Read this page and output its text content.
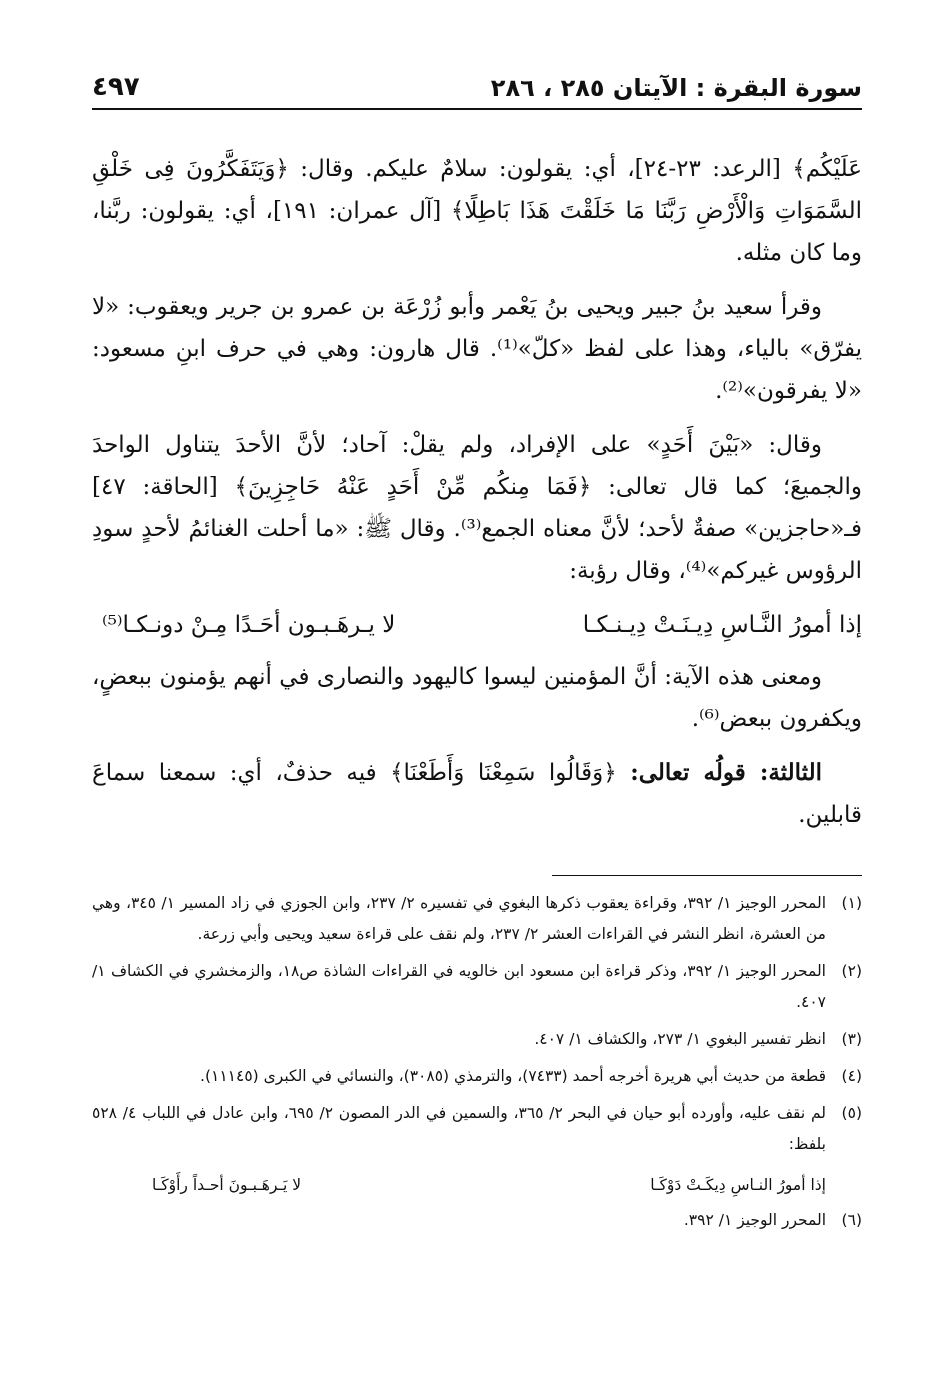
سورة البقرة : الآيتان ٢٨٥ ، ٢٨٦
٤٩٧

عَلَيْكُم﴾ [الرعد: ٢٣-٢٤]، أي: يقولون: سلامٌ عليكم. وقال: ﴿وَيَتَفَكَّرُونَ فِى خَلْقِ السَّمَوَاتِ وَالْأَرْضِ رَبَّنَا مَا خَلَقْتَ هَذَا بَاطِلًا﴾ [آل عمران: ١٩١]، أي: يقولون: ربَّنا، وما كان مثله.

وقرأ سعيد بنُ جبير ويحيى بنُ يَعْمر وأبو زُرْعَة بن عمرو بن جرير ويعقوب: «لا يفرّق» بالياء، وهذا على لفظ «كلّ»⁽¹⁾. قال هارون: وهي في حرف ابنِ مسعود: «لا يفرقون»⁽²⁾.

وقال: «بَيْنَ أَحَدٍ» على الإفراد، ولم يقلْ: آحاد؛ لأنَّ الأحدَ يتناول الواحدَ والجميعَ؛ كما قال تعالى: ﴿فَمَا مِنكُم مِّنْ أَحَدٍ عَنْهُ حَاجِزِينَ﴾ [الحاقة: ٤٧] فـ«حاجزين» صفةٌ لأحد؛ لأنَّ معناه الجمع⁽³⁾. وقال ﷺ: «ما أحلت الغنائمُ لأحدٍ سودِ الرؤوس غيركم»⁽⁴⁾، وقال رؤبة:

إذا أمورُ النَّـاسِ دِيـنَـتْ دِيـنـكـا
لا يـرهَـبـون أحَـدًا مِـنْ دونـكـا⁽⁵⁾

ومعنى هذه الآية: أنَّ المؤمنين ليسوا كاليهود والنصارى في أنهم يؤمنون ببعضٍ، ويكفرون ببعض⁽⁶⁾.

الثالثة: قولُه تعالى: ﴿وَقَالُوا سَمِعْنَا وَأَطَعْنَا﴾ فيه حذفٌ، أي: سمعنا سماعَ قابلين.

(١)
المحرر الوجيز ١/ ٣٩٢، وقراءة يعقوب ذكرها البغوي في تفسيره ٢/ ٢٣٧، وابن الجوزي في زاد المسير ١/ ٣٤٥، وهي من العشرة، انظر النشر في القراءات العشر ٢/ ٢٣٧، ولم نقف على قراءة سعيد ويحيى وأبي زرعة.
(٢)
المحرر الوجيز ١/ ٣٩٢، وذكر قراءة ابن مسعود ابن خالويه في القراءات الشاذة ص١٨، والزمخشري في الكشاف ١/ ٤٠٧.
(٣)
انظر تفسير البغوي ١/ ٢٧٣، والكشاف ١/ ٤٠٧.
(٤)
قطعة من حديث أبي هريرة أخرجه أحمد (٧٤٣٣)، والترمذي (٣٠٨٥)، والنسائي في الكبرى (١١١٤٥).
(٥)
لم نقف عليه، وأورده أبو حيان في البحر ٢/ ٣٦٥، والسمين في الدر المصون ٢/ ٦٩٥، وابن عادل في اللباب ٤/ ٥٢٨ بلفظ:
إذا أمورُ النـاسِ دِيكَـتْ دَوْكَـا
لا يَـرهَـبـونَ أحـداً رأَوْكَـا
(٦)
المحرر الوجيز ١/ ٣٩٢.
